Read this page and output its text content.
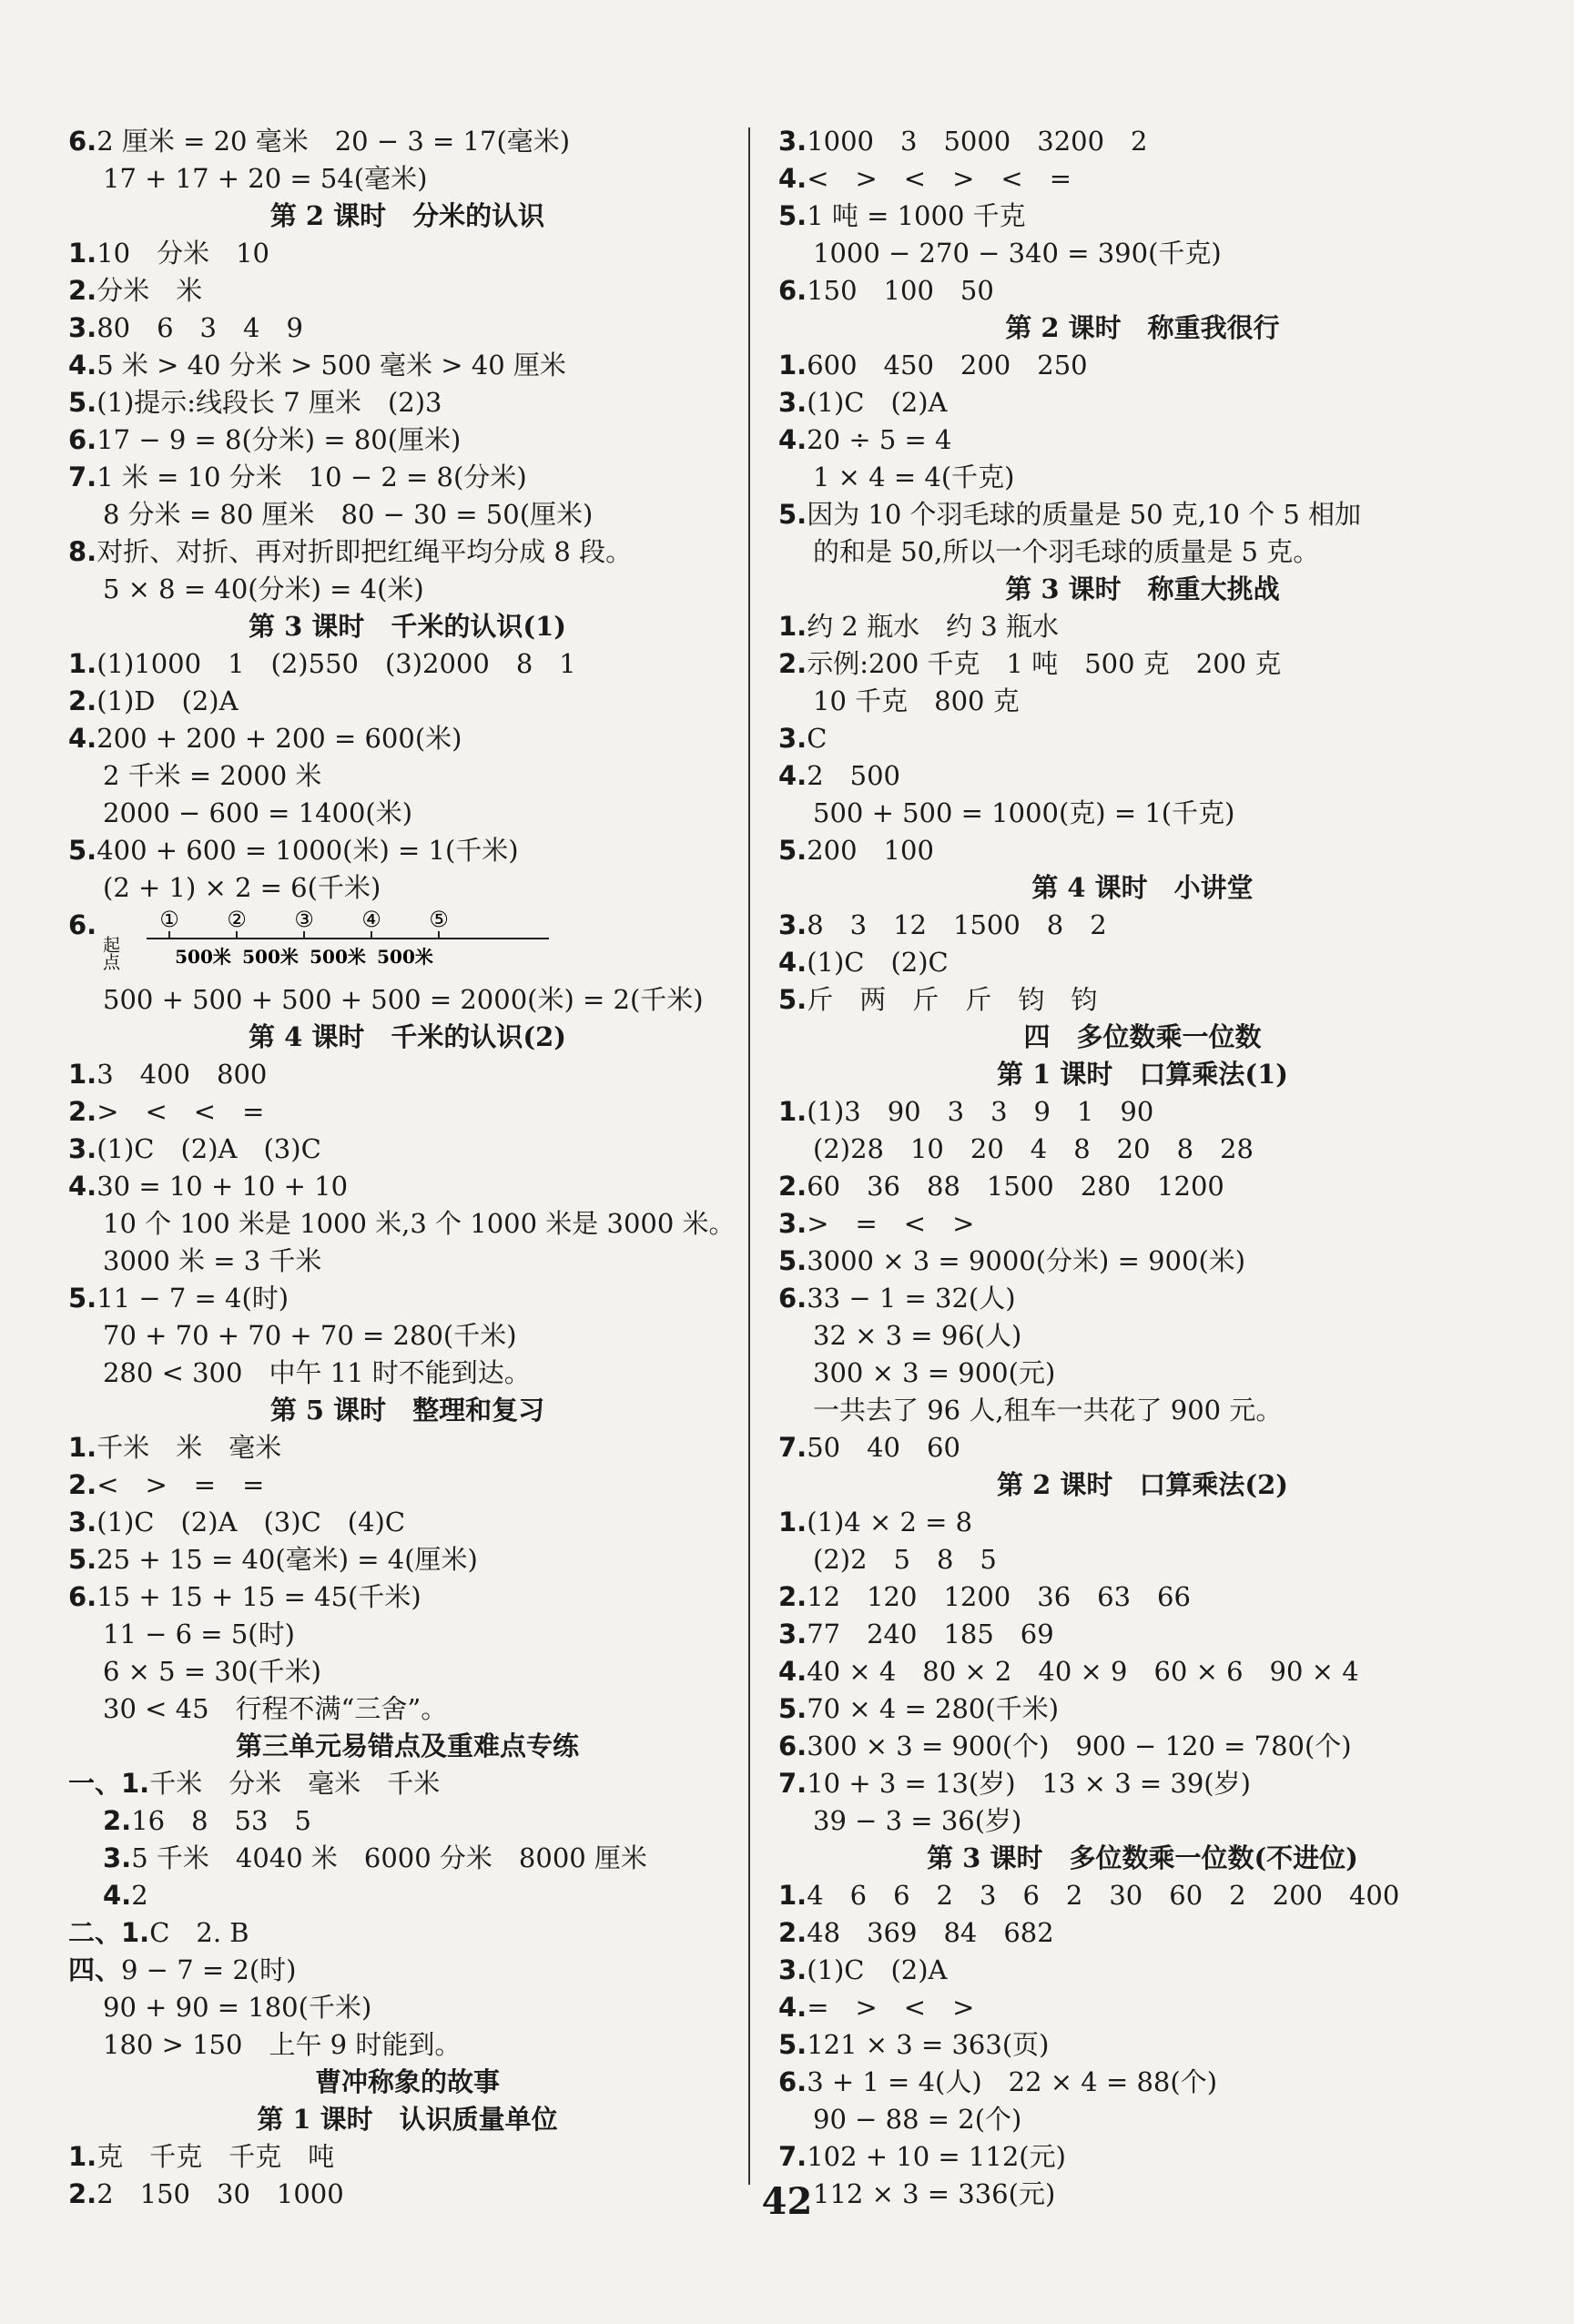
6.2 厘米 = 20 毫米　20 − 3 = 17(毫米)
17 + 17 + 20 = 54(毫米)
第 2 课时　分米的认识
1.10　分米　10
2.分米　米
3.80　6　3　4　9
4.5 米 > 40 分米 > 500 毫米 > 40 厘米
5.(1)提示:线段长 7 厘米　(2)3
6.17 − 9 = 8(分米) = 80(厘米)
7.1 米 = 10 分米　10 − 2 = 8(分米)
8 分米 = 80 厘米　80 − 30 = 50(厘米)
8.对折、对折、再对折即把红绳平均分成 8 段。
5 × 8 = 40(分米) = 4(米)
第 3 课时　千米的认识(1)
1.(1)1000　1　(2)550　(3)2000　8　1
2.(1)D　(2)A
4.200 + 200 + 200 = 600(米)
2 千米 = 2000 米
2000 − 600 = 1400(米)
5.400 + 600 = 1000(米) = 1(千米)
(2 + 1) × 2 = 6(千米)
6.
起点
①
500米
②
500米
③
500米
④
500米
⑤
500 + 500 + 500 + 500 = 2000(米) = 2(千米)
第 4 课时　千米的认识(2)
1.3　400　800
2.>　<　<　=
3.(1)C　(2)A　(3)C
4.30 = 10 + 10 + 10
10 个 100 米是 1000 米,3 个 1000 米是 3000 米。
3000 米 = 3 千米
5.11 − 7 = 4(时)
70 + 70 + 70 + 70 = 280(千米)
280 < 300　中午 11 时不能到达。
第 5 课时　整理和复习
1.千米　米　毫米
2.<　>　=　=
3.(1)C　(2)A　(3)C　(4)C
5.25 + 15 = 40(毫米) = 4(厘米)
6.15 + 15 + 15 = 45(千米)
11 − 6 = 5(时)
6 × 5 = 30(千米)
30 < 45　行程不满“三舍”。
第三单元易错点及重难点专练
一、1.千米　分米　毫米　千米
2.16　8　53　5
3.5 千米　4040 米　6000 分米　8000 厘米
4.2
二、1.C　2. B
四、9 − 7 = 2(时)
90 + 90 = 180(千米)
180 > 150　上午 9 时能到。
曹冲称象的故事
第 1 课时　认识质量单位
1.克　千克　千克　吨
2.2　150　30　1000
3.1000　3　5000　3200　2
4.<　>　<　>　<　=
5.1 吨 = 1000 千克
1000 − 270 − 340 = 390(千克)
6.150　100　50
第 2 课时　称重我很行
1.600　450　200　250
3.(1)C　(2)A
4.20 ÷ 5 = 4
1 × 4 = 4(千克)
5.因为 10 个羽毛球的质量是 50 克,10 个 5 相加
的和是 50,所以一个羽毛球的质量是 5 克。
第 3 课时　称重大挑战
1.约 2 瓶水　约 3 瓶水
2.示例:200 千克　1 吨　500 克　200 克
10 千克　800 克
3.C
4.2　500
500 + 500 = 1000(克) = 1(千克)
5.200　100
第 4 课时　小讲堂
3.8　3　12　1500　8　2
4.(1)C　(2)C
5.斤　两　斤　斤　钧　钧
四　多位数乘一位数
第 1 课时　口算乘法(1)
1.(1)3　90　3　3　9　1　90
(2)28　10　20　4　8　20　8　28
2.60　36　88　1500　280　1200
3.>　=　<　>
5.3000 × 3 = 9000(分米) = 900(米)
6.33 − 1 = 32(人)
32 × 3 = 96(人)
300 × 3 = 900(元)
一共去了 96 人,租车一共花了 900 元。
7.50　40　60
第 2 课时　口算乘法(2)
1.(1)4 × 2 = 8
(2)2　5　8　5
2.12　120　1200　36　63　66
3.77　240　185　69
4.40 × 4　80 × 2　40 × 9　60 × 6　90 × 4
5.70 × 4 = 280(千米)
6.300 × 3 = 900(个)　900 − 120 = 780(个)
7.10 + 3 = 13(岁)　13 × 3 = 39(岁)
39 − 3 = 36(岁)
第 3 课时　多位数乘一位数(不进位)
1.4　6　6　2　3　6　2　30　60　2　200　400
2.48　369　84　682
3.(1)C　(2)A
4.=　>　<　>
5.121 × 3 = 363(页)
6.3 + 1 = 4(人)　22 × 4 = 88(个)
90 − 88 = 2(个)
7.102 + 10 = 112(元)
112 × 3 = 336(元)
42
